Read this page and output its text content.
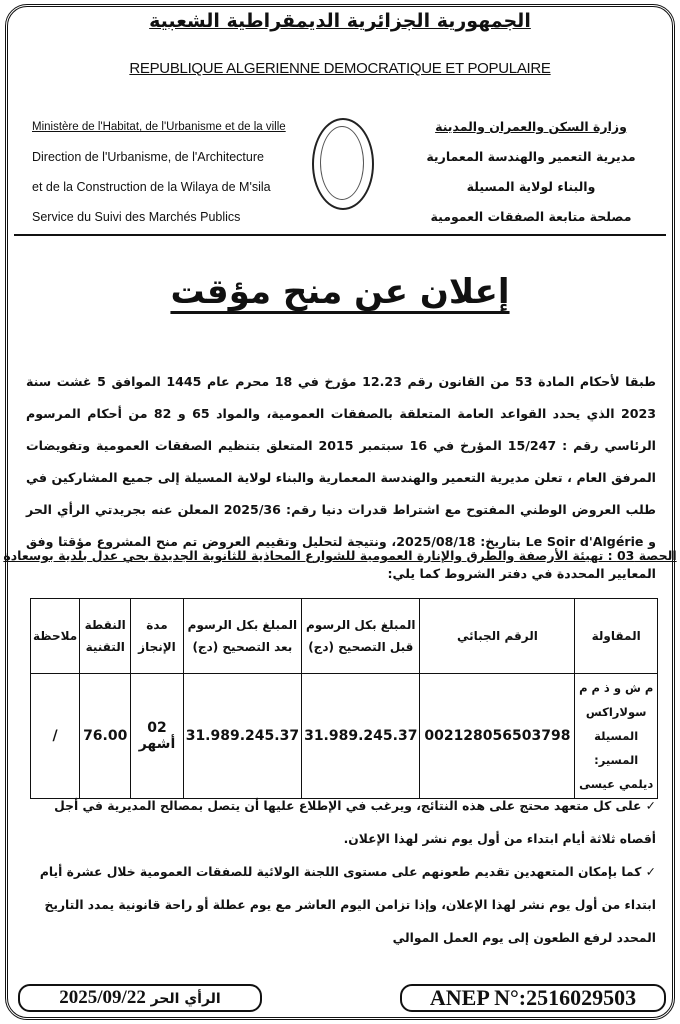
الجمهورية الجزائرية الديمقراطية الشعبية
REPUBLIQUE ALGERIENNE DEMOCRATIQUE ET POPULAIRE
Ministère de l'Habitat, de l'Urbanisme et de la ville
Direction de l'Urbanisme, de l'Architecture
et de la Construction de la Wilaya de M'sila
Service du Suivi des Marchés Publics
وزارة السكن والعمران والمدينة
مديرية التعمير والهندسة المعمارية
والبناء لولاية المسيلة
مصلحة متابعة الصفقات العمومية
إعلان عن منح مؤقت
طبقا لأحكام المادة 53 من القانون رقم 12.23 مؤرخ في 18 محرم عام 1445 الموافق 5 غشت سنة 2023 الذي يحدد القواعد العامة المتعلقة بالصفقات العمومية، والمواد 65 و 82 من أحكام المرسوم الرئاسي رقم : 15/247 المؤرخ في 16 سبتمبر 2015 المتعلق بتنظيم الصفقات العمومية وتفويضات المرفق العام ، تعلن مديرية التعمير والهندسة المعمارية والبناء لولاية المسيلة إلى جميع المشاركين في طلب العروض الوطني المفتوح مع اشتراط قدرات دنيا رقم: 2025/36 المعلن عنه بجريدتي الرأي الحر و Le Soir d'Algérie بتاريخ: 2025/08/18، ونتيجة لتحليل وتقييم العروض تم منح المشروع مؤقتا وفق المعايير المحددة في دفتر الشروط كما يلي:
الحصة 03 : تهيئة الأرصفة والطرق والإنارة العمومية للشوارع المحاذية للثانوية الجديدة بحي عدل بلدية بوسعادة
المقاولة	الرقم الجبائي	المبلغ بكل الرسوم قبل التصحيح (دج)	المبلغ بكل الرسوم بعد التصحيح (دج)	مدة الإنجاز	النقطة التقنية	ملاحظة
م ش و ذ م م سولاراكس المسيلة المسير: ديلمي عيسى	002128056503798	31.989.245.37	31.989.245.37	02 أشهر	76.00	/
✓ على كل متعهد محتج على هذه النتائج، ويرغب في الإطلاع عليها أن يتصل بمصالح المديرية في أجل أقصاه ثلاثة أيام ابتداء من أول يوم نشر لهذا الإعلان.
✓ كما بإمكان المتعهدين تقديم طعونهم على مستوى اللجنة الولائية للصفقات العمومية خلال عشرة أيام ابتداء من أول يوم نشر لهذا الإعلان، وإذا تزامن اليوم العاشر مع يوم عطلة أو راحة قانونية يمدد التاريخ المحدد لرفع الطعون إلى يوم العمل الموالي
2025/09/22 الرأي الحر	ANEP N°:2516029503
